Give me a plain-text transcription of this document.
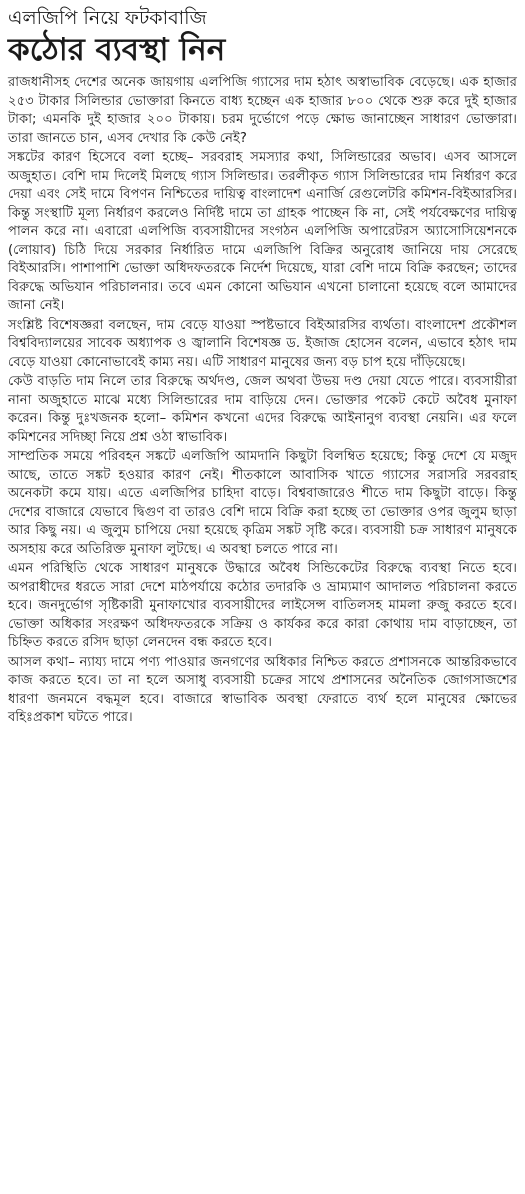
এলজিপি নিয়ে ফটকাবাজি
কঠোর ব্যবস্থা নিন

রাজধানীসহ দেশের অনেক জায়গায় এলপিজি গ্যাসের দাম হঠাৎ অস্বাভাবিক বেড়েছে। এক হাজার ২৫৩ টাকার সিলিন্ডার ভোক্তারা কিনতে বাধ্য হচ্ছেন এক হাজার ৮০০ থেকে শুরু করে দুই হাজার টাকা; এমনকি দুই হাজার ২০০ টাকায়। চরম দুর্ভোগে পড়ে ক্ষোভ জানাচ্ছেন সাধারণ ভোক্তারা। তারা জানতে চান, এসব দেখার কি কেউ নেই?

সঙ্কটের কারণ হিসেবে বলা হচ্ছে– সরবরাহ সমস্যার কথা, সিলিন্ডারের অভাব। এসব আসলে অজুহাত। বেশি দাম দিলেই মিলছে গ্যাস সিলিন্ডার। তরলীকৃত গ্যাস সিলিন্ডারের দাম নির্ধারণ করে দেয়া এবং সেই দামে বিপণন নিশ্চিতের দায়িত্ব বাংলাদেশ এনার্জি রেগুলেটরি কমিশন-বিইআরসির। কিন্তু সংস্থাটি মূল্য নির্ধারণ করলেও নির্দিষ্ট দামে তা গ্রাহক পাচ্ছেন কি না, সেই পর্যবেক্ষণের দায়িত্ব পালন করে না। এবারো এলপিজি ব্যবসায়ীদের সংগঠন এলপিজি অপারেটরস অ্যাসোসিয়েশনকে (লোয়াব) চিঠি দিয়ে সরকার নির্ধারিত দামে এলজিপি বিক্রির অনুরোধ জানিয়ে দায় সেরেছে বিইআরসি। পাশাপাশি ভোক্তা অধিদফতরকে নির্দেশ দিয়েছে, যারা বেশি দামে বিক্রি করছেন; তাদের বিরুদ্ধে অভিযান পরিচালনার। তবে এমন কোনো অভিযান এখনো চালানো হয়েছে বলে আমাদের জানা নেই।

সংশ্লিষ্ট বিশেষজ্ঞরা বলছেন, দাম বেড়ে যাওয়া স্পষ্টভাবে বিইআরসির ব্যর্থতা। বাংলাদেশ প্রকৌশল বিশ্ববিদ্যালয়ের সাবেক অধ্যাপক ও জ্বালানি বিশেষজ্ঞ ড. ইজাজ হোসেন বলেন, এভাবে হঠাৎ দাম বেড়ে যাওয়া কোনোভাবেই কাম্য নয়। এটি সাধারণ মানুষের জন্য বড় চাপ হয়ে দাঁড়িয়েছে।

কেউ বাড়তি দাম নিলে তার বিরুদ্ধে অর্থদণ্ড, জেল অথবা উভয় দণ্ড দেয়া যেতে পারে। ব্যবসায়ীরা নানা অজুহাতে মাঝে মধ্যে সিলিন্ডারের দাম বাড়িয়ে দেন। ভোক্তার পকেট কেটে অবৈধ মুনাফা করেন। কিন্তু দুঃখজনক হলো– কমিশন কখনো এদের বিরুদ্ধে আইনানুগ ব্যবস্থা নেয়নি। এর ফলে কমিশনের সদিচ্ছা নিয়ে প্রশ্ন ওঠা স্বাভাবিক।

সাম্প্রতিক সময়ে পরিবহন সঙ্কটে এলজিপি আমদানি কিছুটা বিলম্বিত হয়েছে; কিন্তু দেশে যে মজুদ আছে, তাতে সঙ্কট হওয়ার কারণ নেই। শীতকালে আবাসিক খাতে গ্যাসের সরাসরি সরবরাহ অনেকটা কমে যায়। এতে এলজিপির চাহিদা বাড়ে। বিশ্ববাজারেও শীতে দাম কিছুটা বাড়ে। কিন্তু দেশের বাজারে যেভাবে দ্বিগুণ বা তারও বেশি দামে বিক্রি করা হচ্ছে তা ভোক্তার ওপর জুলুম ছাড়া আর কিছু নয়। এ জুলুম চাপিয়ে দেয়া হয়েছে কৃত্রিম সঙ্কট সৃষ্টি করে। ব্যবসায়ী চক্র সাধারণ মানুষকে অসহায় করে অতিরিক্ত মুনাফা লুটছে। এ অবস্থা চলতে পারে না।

এমন পরিস্থিতি থেকে সাধারণ মানুষকে উদ্ধারে অবৈধ সিন্ডিকেটের বিরুদ্ধে ব্যবস্থা নিতে হবে। অপরাধীদের ধরতে সারা দেশে মাঠপর্যায়ে কঠোর তদারকি ও ভ্রাম্যমাণ আদালত পরিচালনা করতে হবে। জনদুর্ভোগ সৃষ্টিকারী মুনাফাখোর ব্যবসায়ীদের লাইসেন্স বাতিলসহ মামলা রুজু করতে হবে। ভোক্তা অধিকার সংরক্ষণ অধিদফতরকে সক্রিয় ও কার্যকর করে কারা কোথায় দাম বাড়াচ্ছেন, তা চিহ্নিত করতে রসিদ ছাড়া লেনদেন বন্ধ করতে হবে।

আসল কথা– ন্যায্য দামে পণ্য পাওয়ার জনগণের অধিকার নিশ্চিত করতে প্রশাসনকে আন্তরিকভাবে কাজ করতে হবে। তা না হলে অসাধু ব্যবসায়ী চক্রের সাথে প্রশাসনের অনৈতিক জোগসাজশের ধারণা জনমনে বদ্ধমূল হবে। বাজারে স্বাভাবিক অবস্থা ফেরাতে ব্যর্থ হলে মানুষের ক্ষোভের বহিঃপ্রকাশ ঘটতে পারে।
